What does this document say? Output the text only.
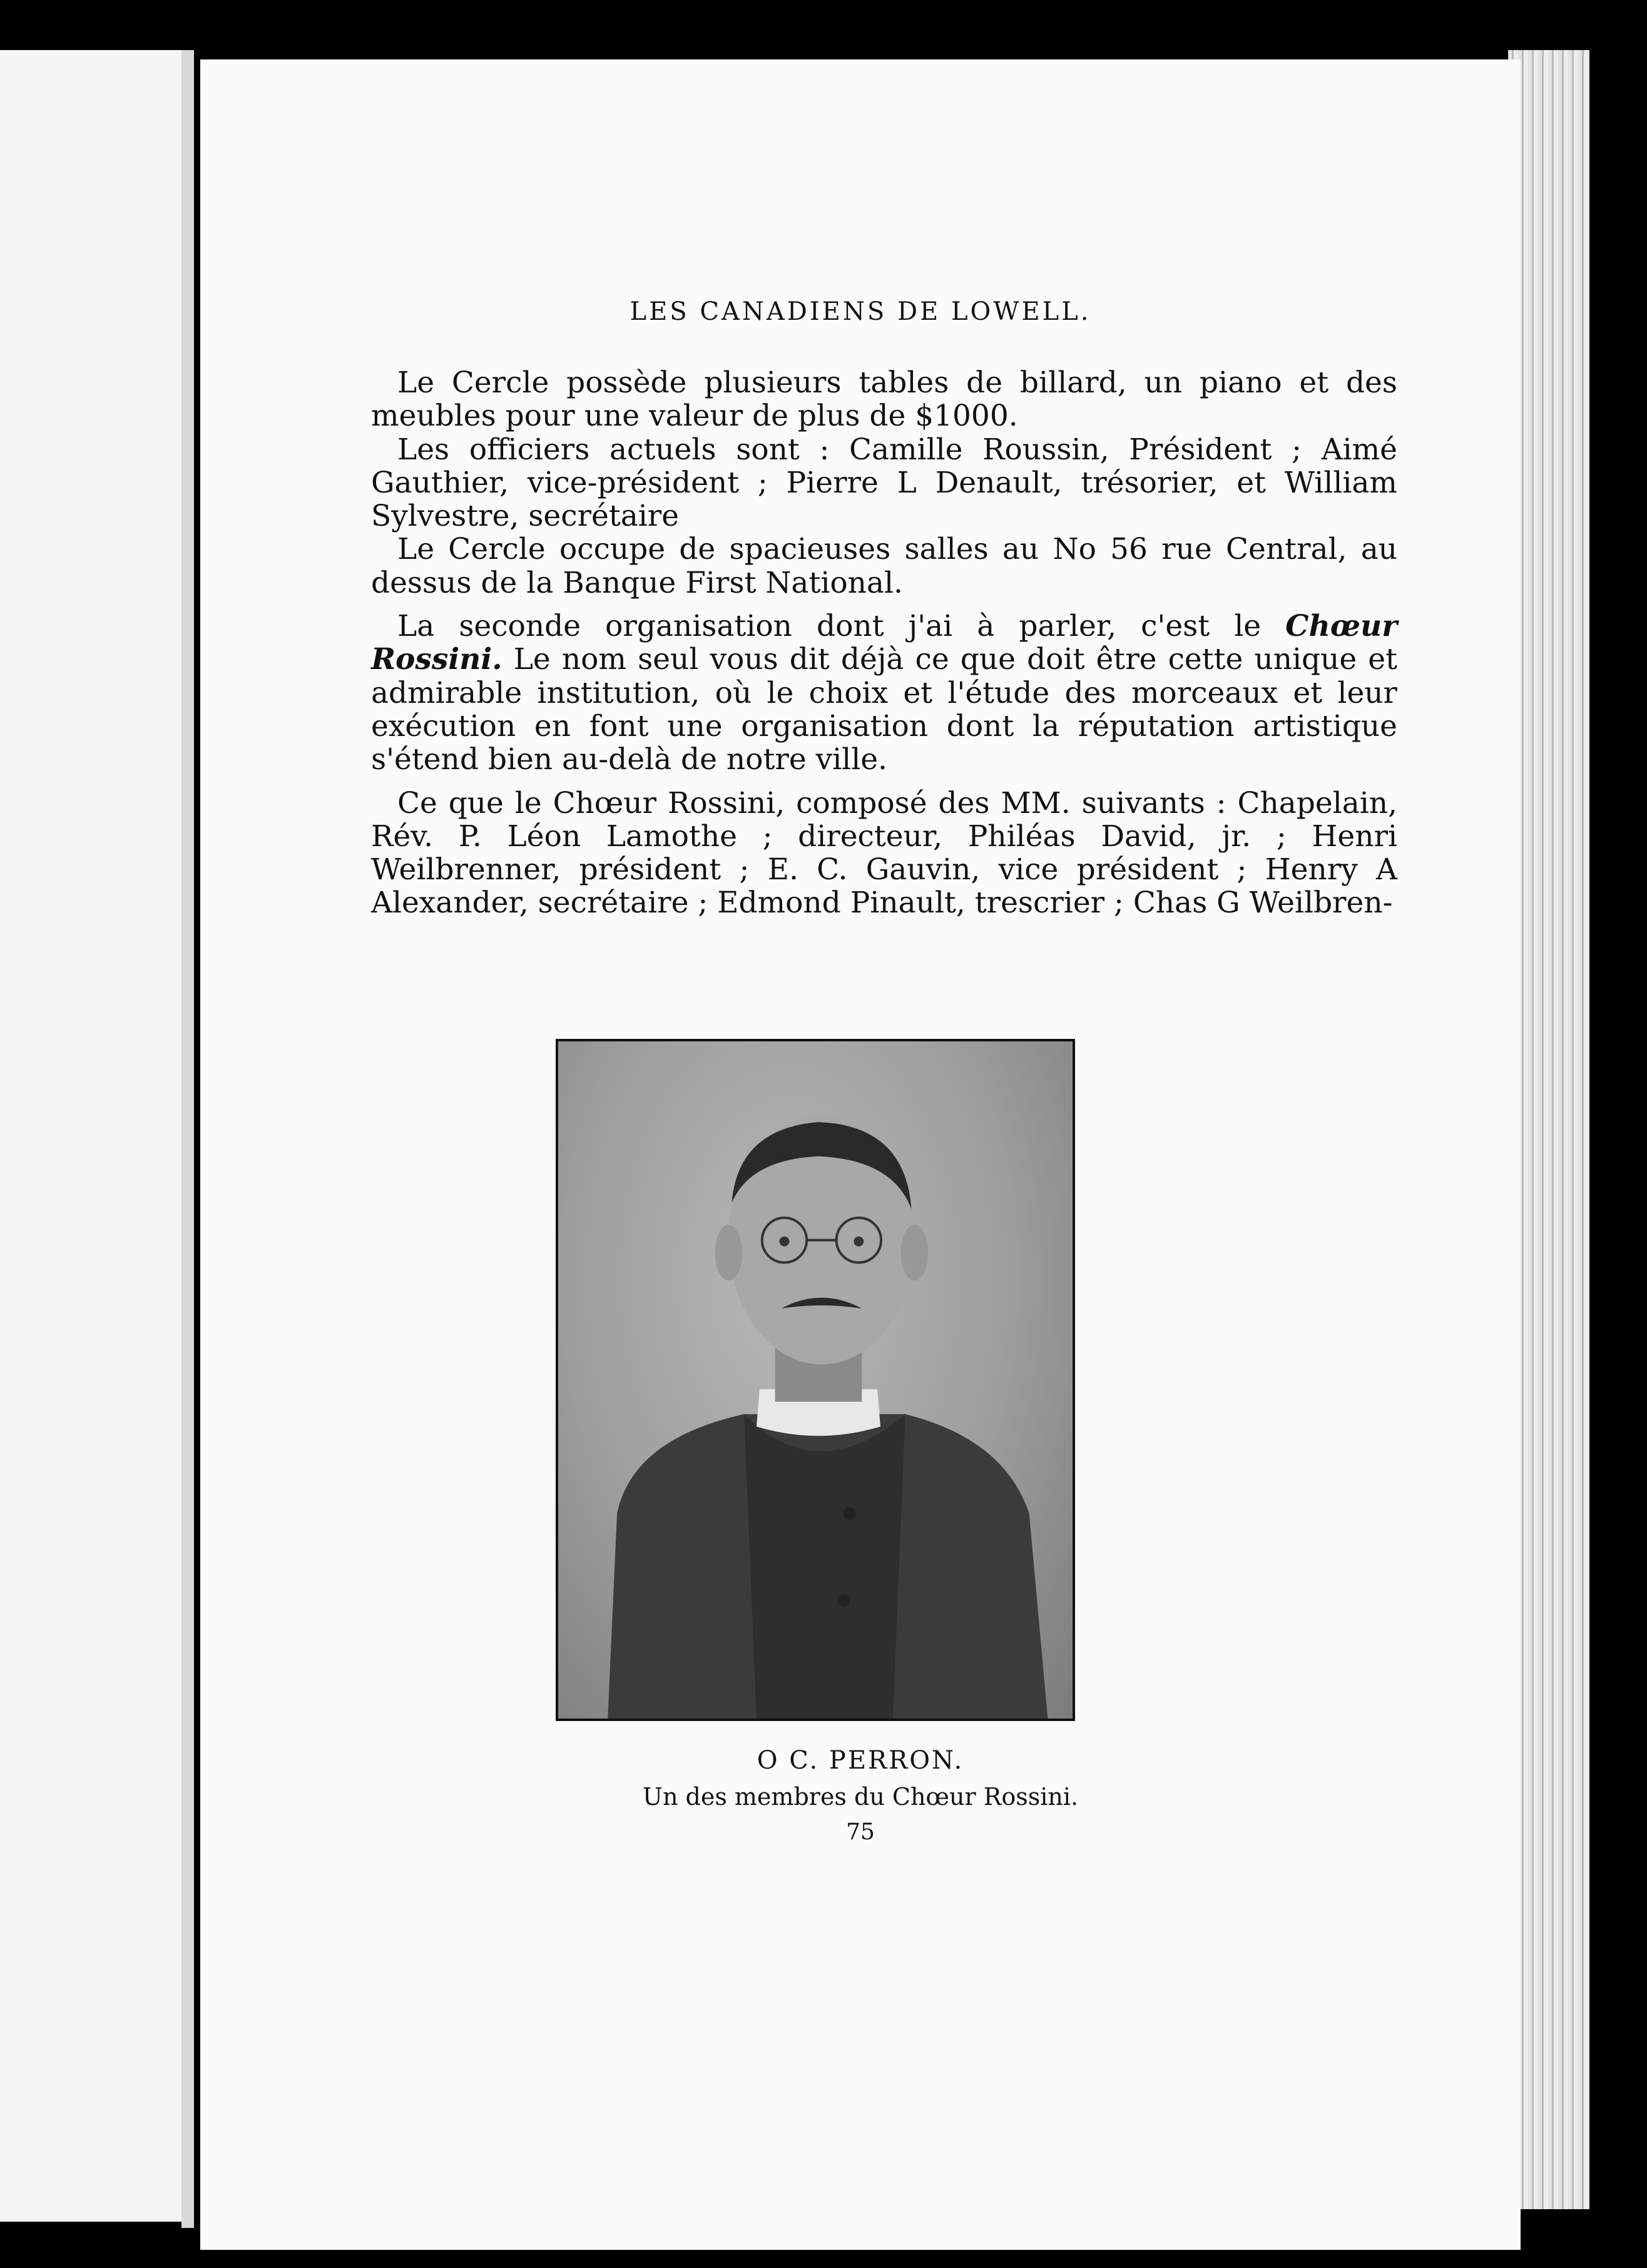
LES CANADIENS DE LOWELL.

Le Cercle possède plusieurs tables de billard, un piano et des meubles pour une valeur de plus de $1000.

Les officiers actuels sont : Camille Roussin, Président ; Aimé Gauthier, vice-président ; Pierre L Denault, trésorier, et William Sylvestre, secrétaire

Le Cercle occupe de spacieuses salles au No 56 rue Central, au dessus de la Banque First National.

La seconde organisation dont j'ai à parler, c'est le Chœur Rossini. Le nom seul vous dit déjà ce que doit être cette unique et admirable institution, où le choix et l'étude des morceaux et leur exécution en font une organisation dont la réputation artistique s'étend bien au-delà de notre ville.

Ce que le Chœur Rossini, composé des MM. suivants : Chapelain, Rév. P. Léon Lamothe ; directeur, Philéas David, jr. ; Henri Weilbrenner, président ; E. C. Gauvin, vice président ; Henry A Alexander, secrétaire ; Edmond Pinault, trescrier ; Chas G Weilbren-

O C. PERRON.
Un des membres du Chœur Rossini.
75
